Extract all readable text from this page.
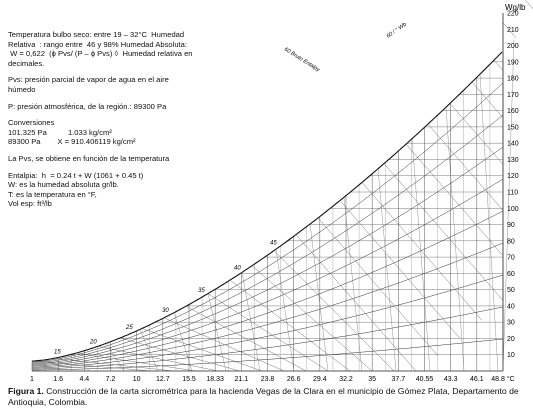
10
20
30
40
50
60
70
80
90
100
110
120
130
140
150
160
170
180
190
200
210
220
1	1.6 4.4 7.2 10 12.7 15.5 18.33 21.1 23.8 26.6 29.4 32.2 35 37.7 40.55 43.3 46.1 48.8 °C
15
20
25
30
35
40
45
Wg/lb
60 Bruto Entalpy
60 / ° Wb
Temperatura bulbo seco: entre 19 – 32°C  Humedad
Relativa  : rango entre  46 y 98% Humedad Absoluta:
W = 0,622  (ϕ Pvs/ (P – ϕ Pvs) ◊  Humedad relativa en
decimales.
Pvs: presión parcial de vapor de agua en el aire
húmedo
P: presión atmosférica, de la región.: 89300 Pa
Conversiones
101.325 Pa          1.033 kg/cm²
89300 Pa        X = 910.406119 kg/cm²
La Pvs, se obtiene en función de la temperatura
Entalpia:  h  = 0.24 t + W (1061 + 0.45 t)
W: es la humedad absoluta gr/lb.
T: es la temperatura en °F,
Vol esp: ft³/lb
Figura 1. Construcción de la carta sicrométrica para la hacienda Vegas de la Clara en el municipio de Gómez Plata, Departamento de Antioquia, Colombia.
